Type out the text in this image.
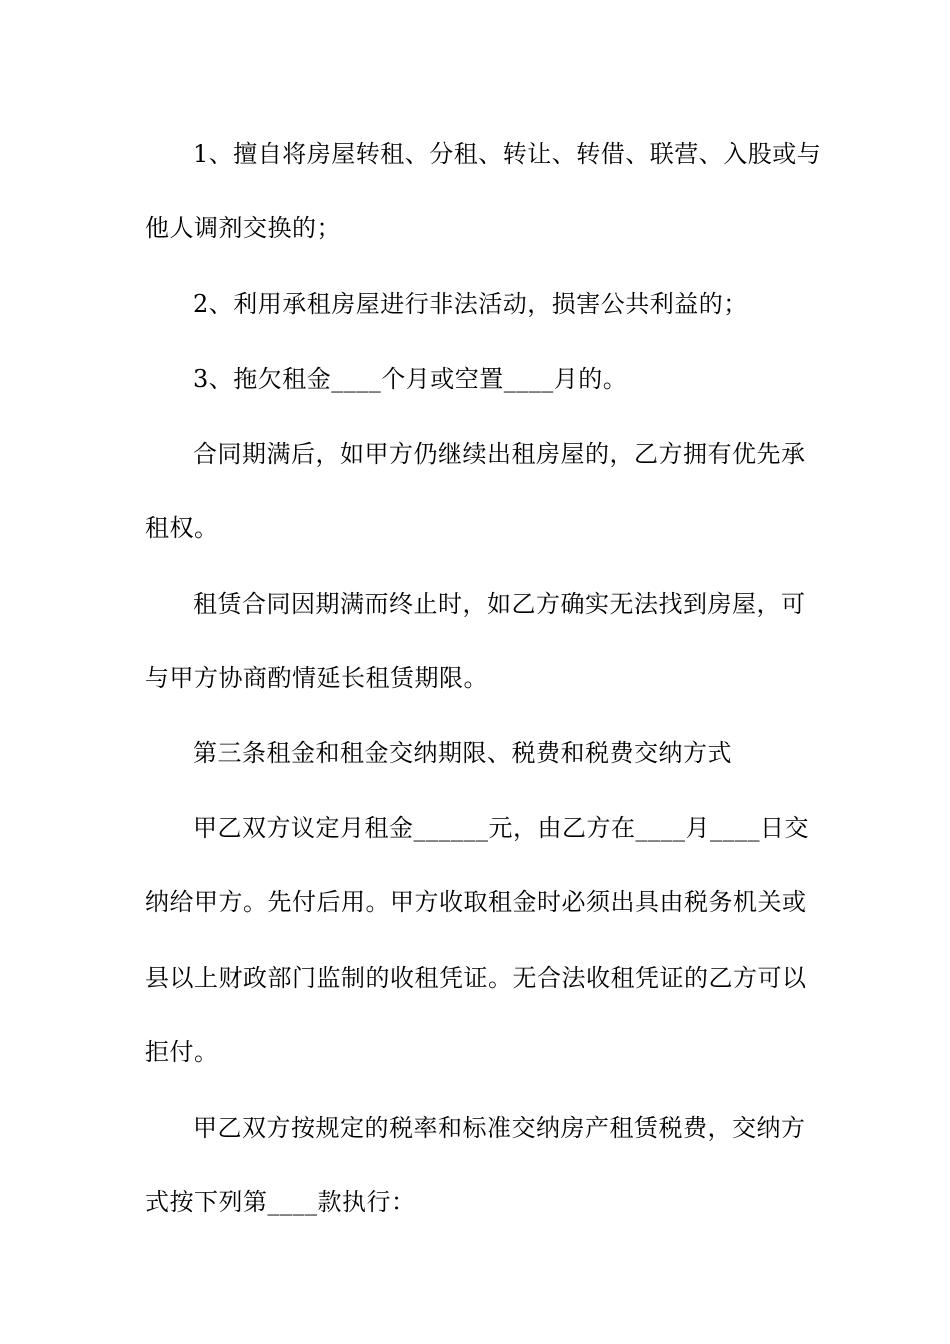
1、擅自将房屋转租、分租、转让、转借、联营、入股或与
他人调剂交换的；
2、利用承租房屋进行非法活动，损害公共利益的；
3、拖欠租金____个月或空置____月的。
合同期满后，如甲方仍继续出租房屋的，乙方拥有优先承
租权。
租赁合同因期满而终止时，如乙方确实无法找到房屋，可
与甲方协商酌情延长租赁期限。
第三条租金和租金交纳期限、税费和税费交纳方式
甲乙双方议定月租金______元，由乙方在____月____日交
纳给甲方。先付后用。甲方收取租金时必须出具由税务机关或
县以上财政部门监制的收租凭证。无合法收租凭证的乙方可以
拒付。
甲乙双方按规定的税率和标准交纳房产租赁税费，交纳方
式按下列第____款执行：
